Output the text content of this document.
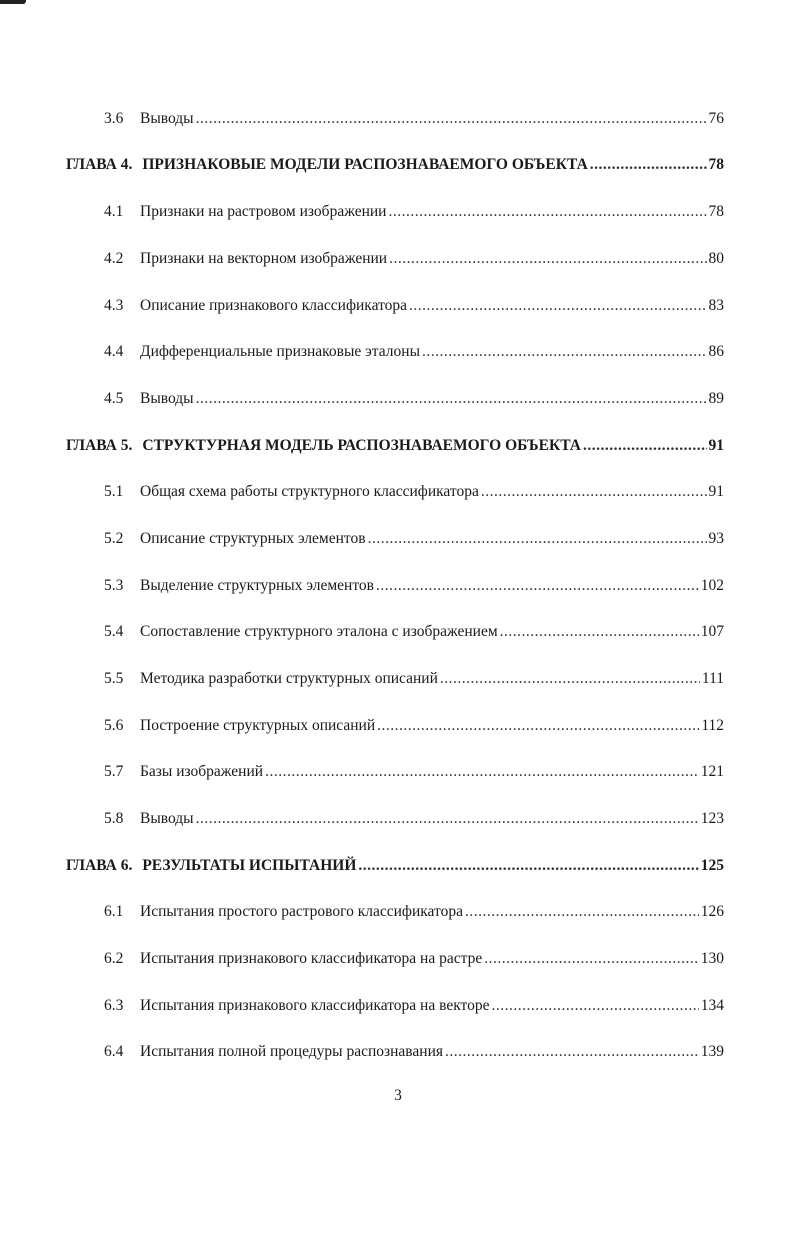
3.6	Выводы .....	76
ГЛАВА 4. ПРИЗНАКОВЫЕ МОДЕЛИ РАСПОЗНАВАЕМОГО ОБЪЕКТА .....	78
4.1	Признаки на растровом изображении .....	78
4.2	Признаки на векторном изображении .....	80
4.3	Описание признакового классификатора .....	83
4.4	Дифференциальные признаковые эталоны .....	86
4.5	Выводы .....	89
ГЛАВА 5. СТРУКТУРНАЯ МОДЕЛЬ РАСПОЗНАВАЕМОГО ОБЪЕКТА .....	91
5.1	Общая схема работы структурного классификатора .....	91
5.2	Описание структурных элементов .....	93
5.3	Выделение структурных элементов .....	102
5.4	Сопоставление структурного эталона с изображением .....	107
5.5	Методика разработки структурных описаний .....	111
5.6	Построение структурных описаний .....	112
5.7	Базы изображений .....	121
5.8	Выводы .....	123
ГЛАВА 6. РЕЗУЛЬТАТЫ ИСПЫТАНИЙ .....	125
6.1	Испытания простого растрового классификатора .....	126
6.2	Испытания признакового классификатора на растре .....	130
6.3	Испытания признакового классификатора на векторе .....	134
6.4	Испытания полной процедуры распознавания .....	139
3
